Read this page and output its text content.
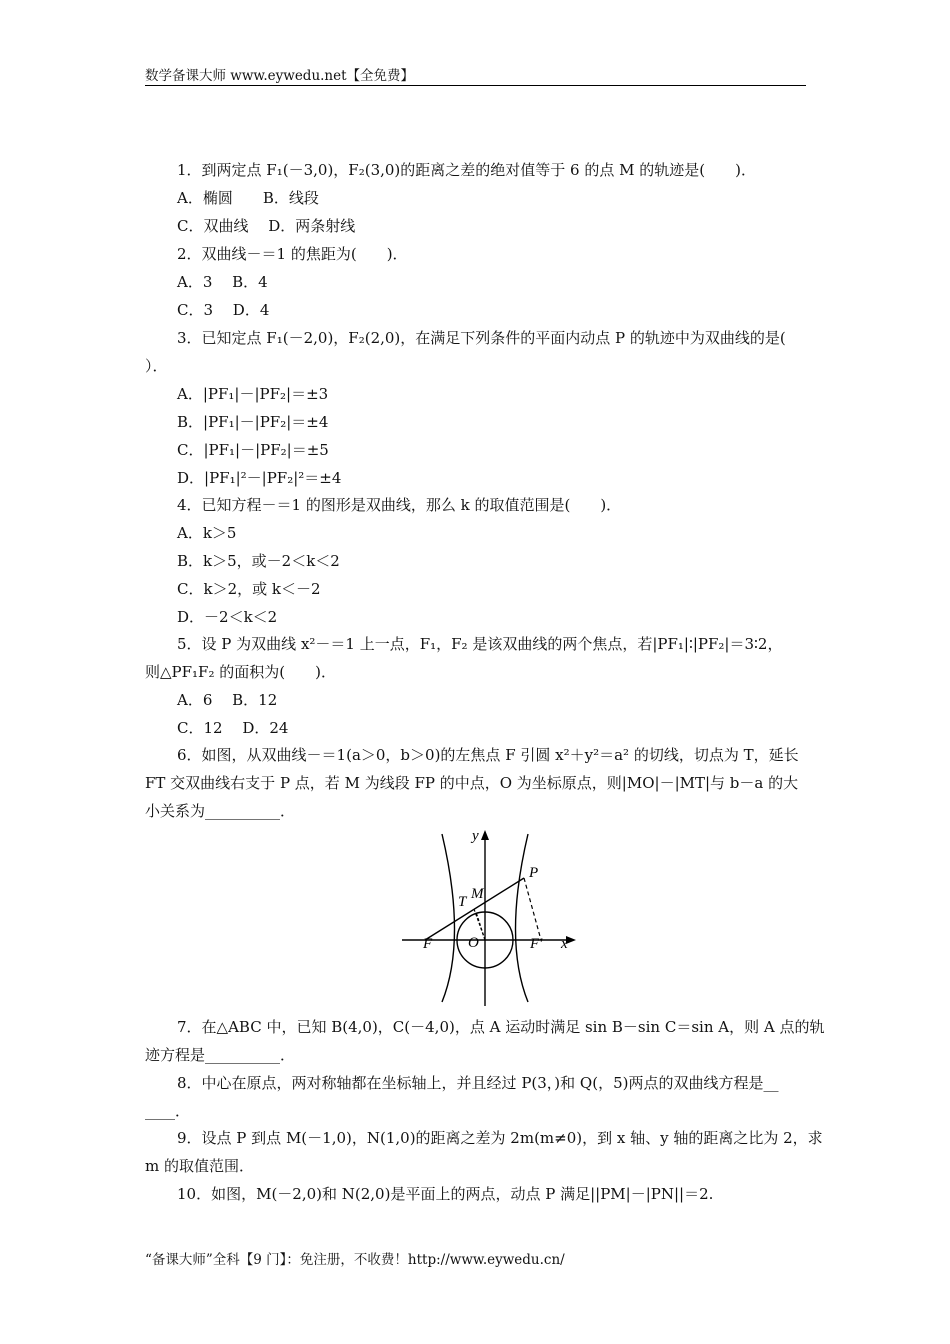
数学备课大师 www.eywedu.net【全免费】
1．到两定点 F₁(－3,0)，F₂(3,0)的距离之差的绝对值等于 6 的点 M 的轨迹是(　　)．
A．椭圆　　B．线段
C．双曲线　 D．两条射线
2．双曲线－＝1 的焦距为(　　)．
A．3　 B．4
C．3　 D．4
3．已知定点 F₁(－2,0)，F₂(2,0)，在满足下列条件的平面内动点 P 的轨迹中为双曲线的是(
）．
A．|PF₁|－|PF₂|＝±3
B．|PF₁|－|PF₂|＝±4
C．|PF₁|－|PF₂|＝±5
D．|PF₁|²－|PF₂|²＝±4
4．已知方程－＝1 的图形是双曲线，那么 k 的取值范围是(　　)．
A．k＞5
B．k＞5，或－2＜k＜2
C．k＞2，或 k＜－2
D．－2＜k＜2
5．设 P 为双曲线 x²－＝1 上一点，F₁，F₂ 是该双曲线的两个焦点，若|PF₁|∶|PF₂|＝3∶2，
则△PF₁F₂ 的面积为(　　)．
A．6　 B．12
C．12　 D．24
6．如图，从双曲线－＝1(a＞0，b＞0)的左焦点 F 引圆 x²＋y²＝a² 的切线，切点为 T，延长
FT 交双曲线右支于 P 点，若 M 为线段 FP 的中点，O 为坐标原点，则|MO|－|MT|与 b－a 的大
小关系为__________．
y
x
O
F	F′
P
T M
7．在△ABC 中，已知 B(4,0)，C(－4,0)，点 A 运动时满足 sin B－sin C＝sin A，则 A 点的轨
迹方程是__________．
8．中心在原点，两对称轴都在坐标轴上，并且经过 P(3，)和 Q(，5)两点的双曲线方程是__
____．
9．设点 P 到点 M(－1,0)，N(1,0)的距离之差为 2m(m≠0)，到 x 轴、y 轴的距离之比为 2，求
m 的取值范围．
10．如图，M(－2,0)和 N(2,0)是平面上的两点，动点 P 满足||PM|－|PN||＝2.
“备课大师”全科【9 门】：免注册，不收费！http://www.eywedu.cn/
